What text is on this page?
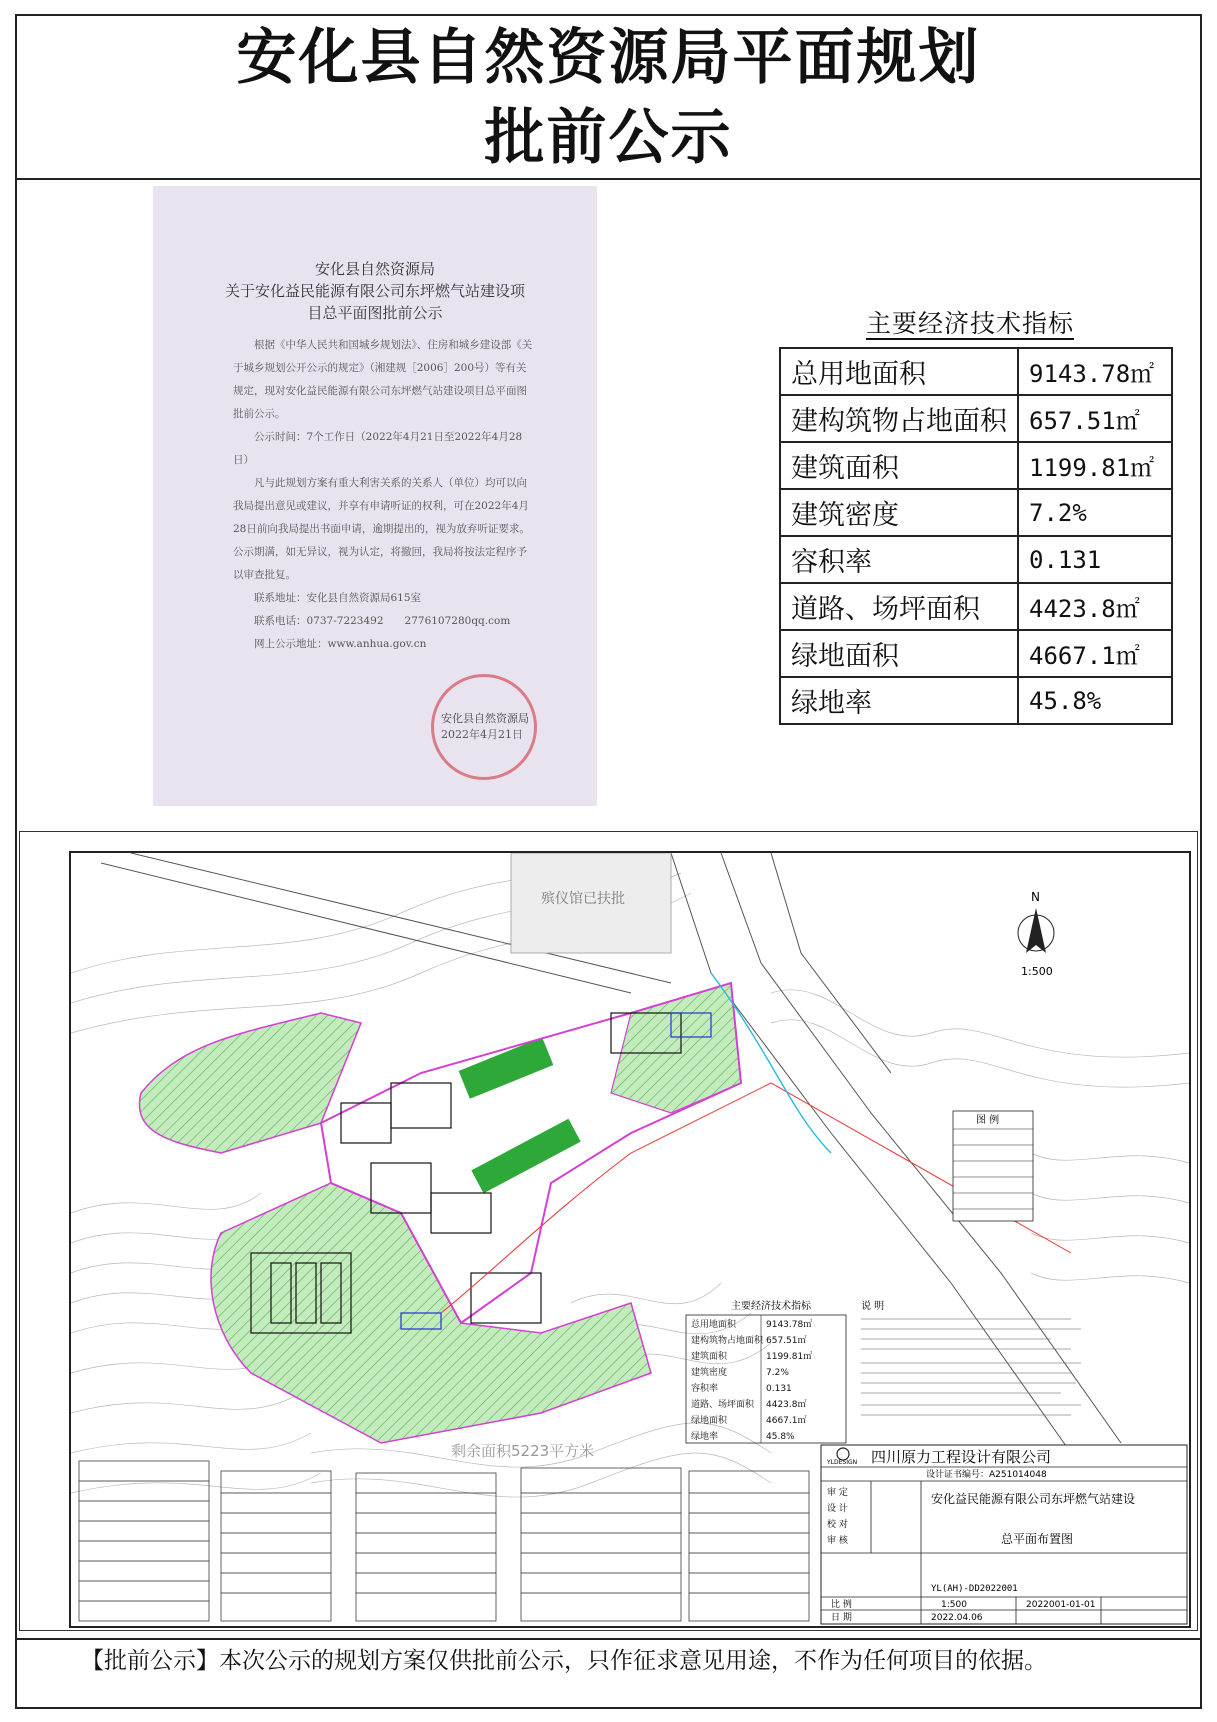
安化县自然资源局平面规划
批前公示
安化县自然资源局
关于安化益民能源有限公司东坪燃气站建设项目总平面图批前公示

根据《中华人民共和国城乡规划法》、住房和城乡建设部《关于城乡规划公开公示的规定》（湘建规［2006］200号）等有关规定，现对安化益民能源有限公司东坪燃气站建设项目总平面图批前公示。

公示时间：7个工作日（2022年4月21日至2022年4月28日）

凡与此规划方案有重大利害关系的关系人（单位）均可以向我局提出意见或建议，并享有申请听证的权利，可在2022年4月28日前向我局提出书面申请，逾期提出的，视为放弃听证要求。公示期满，如无异议，视为认定，将撤回，我局将按法定程序予以审查批复。

联系地址：安化县自然资源局615室

联系电话：0737-7223492　　2776107280qq.com

网上公示地址：www.anhua.gov.cn

安化县自然资源局
2022年4月21日
主要经济技术指标
总用地面积	9143.78㎡
建构筑物占地面积	657.51㎡
建筑面积	1199.81㎡
建筑密度	7.2%
容积率	0.131
道路、场坪面积	4423.8㎡
绿地面积	4667.1㎡
绿地率	45.8%
殡仪馆已扶批	N
1:500
图 例
说 明
主要经济技术指标
总用地面积	9143.78㎡
建构筑物占地面积 657.51㎡
建筑面积	1199.81㎡
建筑密度	7.2%
容积率	0.131
道路、场坪面积 4423.8㎡
绿地面积	4667.1㎡
绿地率	45.8%
剩余面积5223平方米
YLDESIGN 四川原力工程设计有限公司
设计证书编号：A251014048
审 定
设 计
校 对
审 核
安化益民能源有限公司东坪燃气站建设
总平面布置图
YL(AH)-DD2022001
比 例	1:500	2022001-01-01
日 期	2022.04.06
【批前公示】本次公示的规划方案仅供批前公示，只作征求意见用途，不作为任何项目的依据。
